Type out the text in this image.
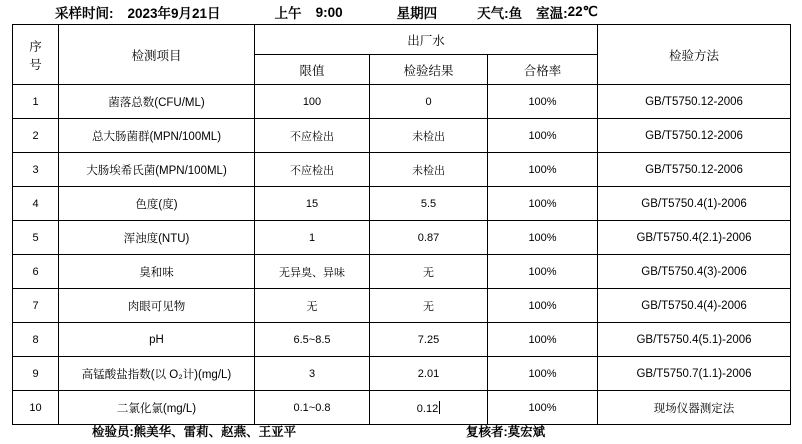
采样时间: 2023年9月21日	上午 9:00	星期四	天气: 鱼 室温: 22℃
序
号	检测项目	出厂水			检验方法
		限值	检验结果	合格率	
1	菌落总数(CFU/ML)	100	0	100%	GB/T5750.12-2006
2	总大肠菌群(MPN/100ML)	不应检出	未检出	100%	GB/T5750.12-2006
3	大肠埃希氏菌(MPN/100ML)	不应检出	未检出	100%	GB/T5750.12-2006
4	色度(度)	15	5.5	100%	GB/T5750.4(1)-2006
5	浑浊度(NTU)	1	0.87	100%	GB/T5750.4(2.1)-2006
6	臭和味	无异臭、异味	无	100%	GB/T5750.4(3)-2006
7	肉眼可见物	无	无	100%	GB/T5750.4(4)-2006
8	pH	6.5~8.5	7.25	100%	GB/T5750.4(5.1)-2006
9	高锰酸盐指数(以 O₂计)(mg/L)	3	2.01	100%	GB/T5750.7(1.1)-2006
10	二氯化氯(mg/L)	0.1~0.8	0.12	100%	现场仪器测定法
检验员:熊美华、雷莉、赵燕、王亚平	复核者:莫宏斌
